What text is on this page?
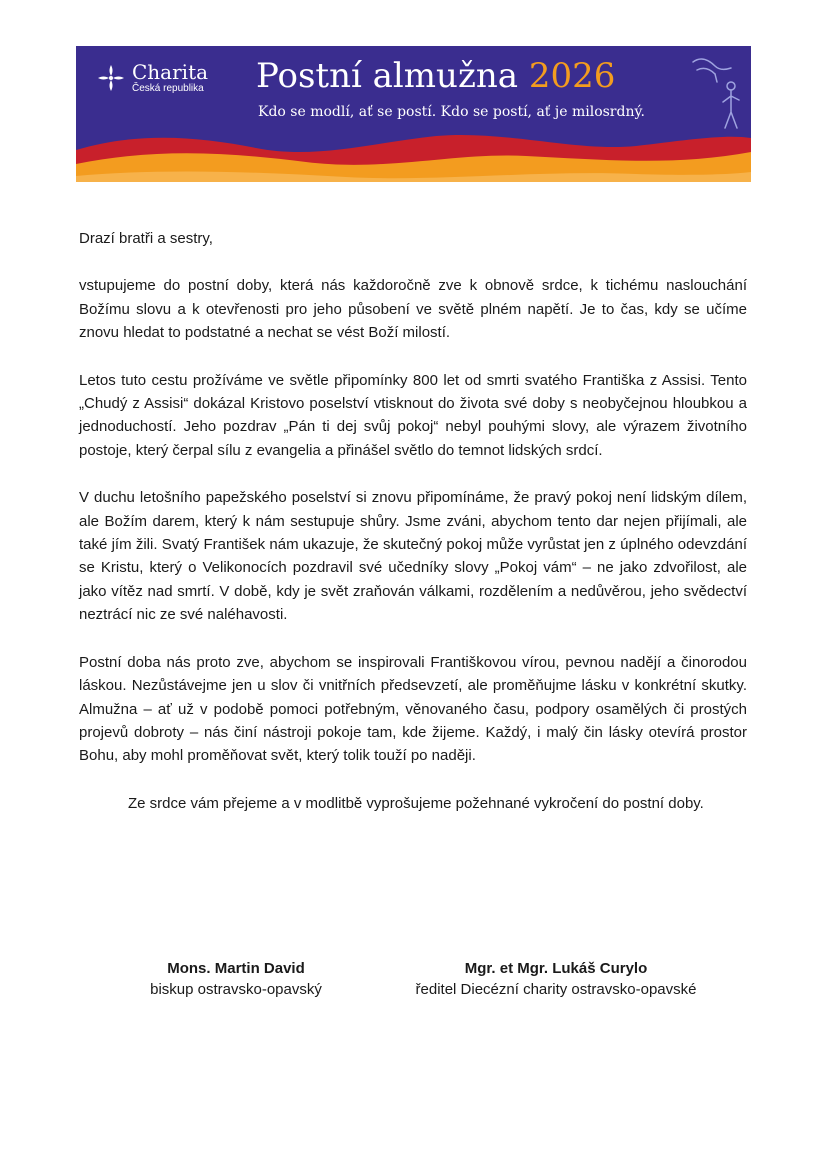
Charita
Česká republika Postní almužna 2026
Kdo se modlí, ať se postí. Kdo se postí, ať je milosrdný.

Drazí bratři a sestry,

vstupujeme do postní doby, která nás každoročně zve k obnově srdce, k tichému naslouchání Božímu slovu a k otevřenosti pro jeho působení ve světě plném napětí. Je to čas, kdy se učíme znovu hledat to podstatné a nechat se vést Boží milostí.

Letos tuto cestu prožíváme ve světle připomínky 800 let od smrti svatého Františka z Assisi. Tento „Chudý z Assisi“ dokázal Kristovo poselství vtisknout do života své doby s neobyčejnou hloubkou a jednoduchostí. Jeho pozdrav „Pán ti dej svůj pokoj“ nebyl pouhými slovy, ale výrazem životního postoje, který čerpal sílu z evangelia a přinášel světlo do temnot lidských srdcí.

V duchu letošního papežského poselství si znovu připomínáme, že pravý pokoj není lidským dílem, ale Božím darem, který k nám sestupuje shůry. Jsme zváni, abychom tento dar nejen přijímali, ale také jím žili. Svatý František nám ukazuje, že skutečný pokoj může vyrůstat jen z úplného odevzdání se Kristu, který o Velikonocích pozdravil své učedníky slovy „Pokoj vám“ – ne jako zdvořilost, ale jako vítěz nad smrtí. V době, kdy je svět zraňován válkami, rozdělením a nedůvěrou, jeho svědectví neztrácí nic ze své naléhavosti.

Postní doba nás proto zve, abychom se inspirovali Františkovou vírou, pevnou nadějí a činorodou láskou. Nezůstávejme jen u slov či vnitřních předsevzetí, ale proměňujme lásku v konkrétní skutky. Almužna – ať už v podobě pomoci potřebným, věnovaného času, podpory osamělých či prostých projevů dobroty – nás činí nástroji pokoje tam, kde žijeme. Každý, i malý čin lásky otevírá prostor Bohu, aby mohl proměňovat svět, který tolik touží po naději.

Ze srdce vám přejeme a v modlitbě vyprošujeme požehnané vykročení do postní doby.

Mons. Martin David
biskup ostravsko-opavský
Mgr. et Mgr. Lukáš Curylo
ředitel Diecézní charity ostravsko-opavské
